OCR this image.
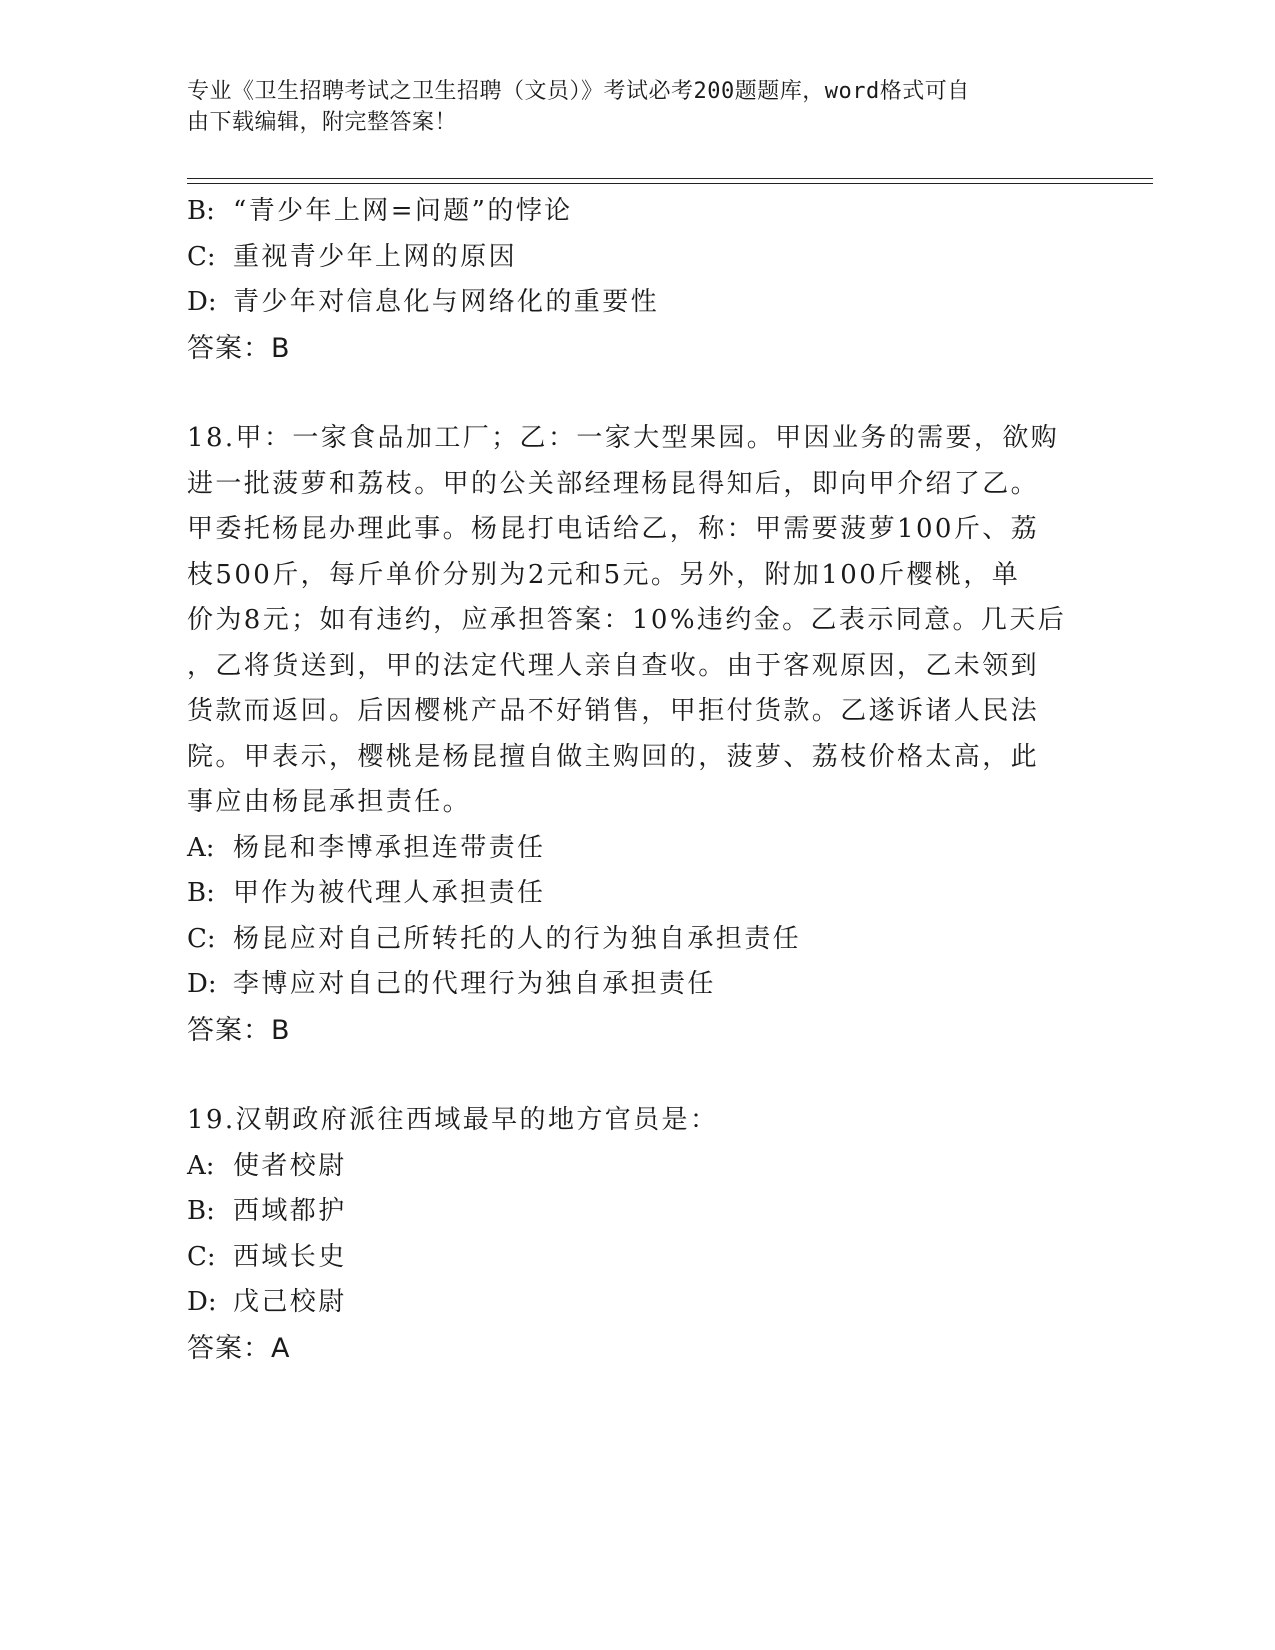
专业《卫生招聘考试之卫生招聘（文员）》考试必考200题题库，word格式可自
由下载编辑，附完整答案！

B: “青少年上网=问题”的悖论

C: 重视青少年上网的原因

D: 青少年对信息化与网络化的重要性

答案：B

18.甲：一家食品加工厂；乙：一家大型果园。甲因业务的需要，欲购

进一批菠萝和荔枝。甲的公关部经理杨昆得知后，即向甲介绍了乙。

甲委托杨昆办理此事。杨昆打电话给乙，称：甲需要菠萝100斤、荔

枝500斤，每斤单价分别为2元和5元。另外，附加100斤樱桃，单

价为8元；如有违约，应承担答案：10%违约金。乙表示同意。几天后

，乙将货送到，甲的法定代理人亲自查收。由于客观原因，乙未领到

货款而返回。后因樱桃产品不好销售，甲拒付货款。乙遂诉诸人民法

院。甲表示，樱桃是杨昆擅自做主购回的，菠萝、荔枝价格太高，此

事应由杨昆承担责任。

A: 杨昆和李博承担连带责任

B: 甲作为被代理人承担责任

C: 杨昆应对自己所转托的人的行为独自承担责任

D: 李博应对自己的代理行为独自承担责任

答案：B

19.汉朝政府派往西域最早的地方官员是：

A: 使者校尉

B: 西域都护

C: 西域长史

D: 戊己校尉

答案：A
